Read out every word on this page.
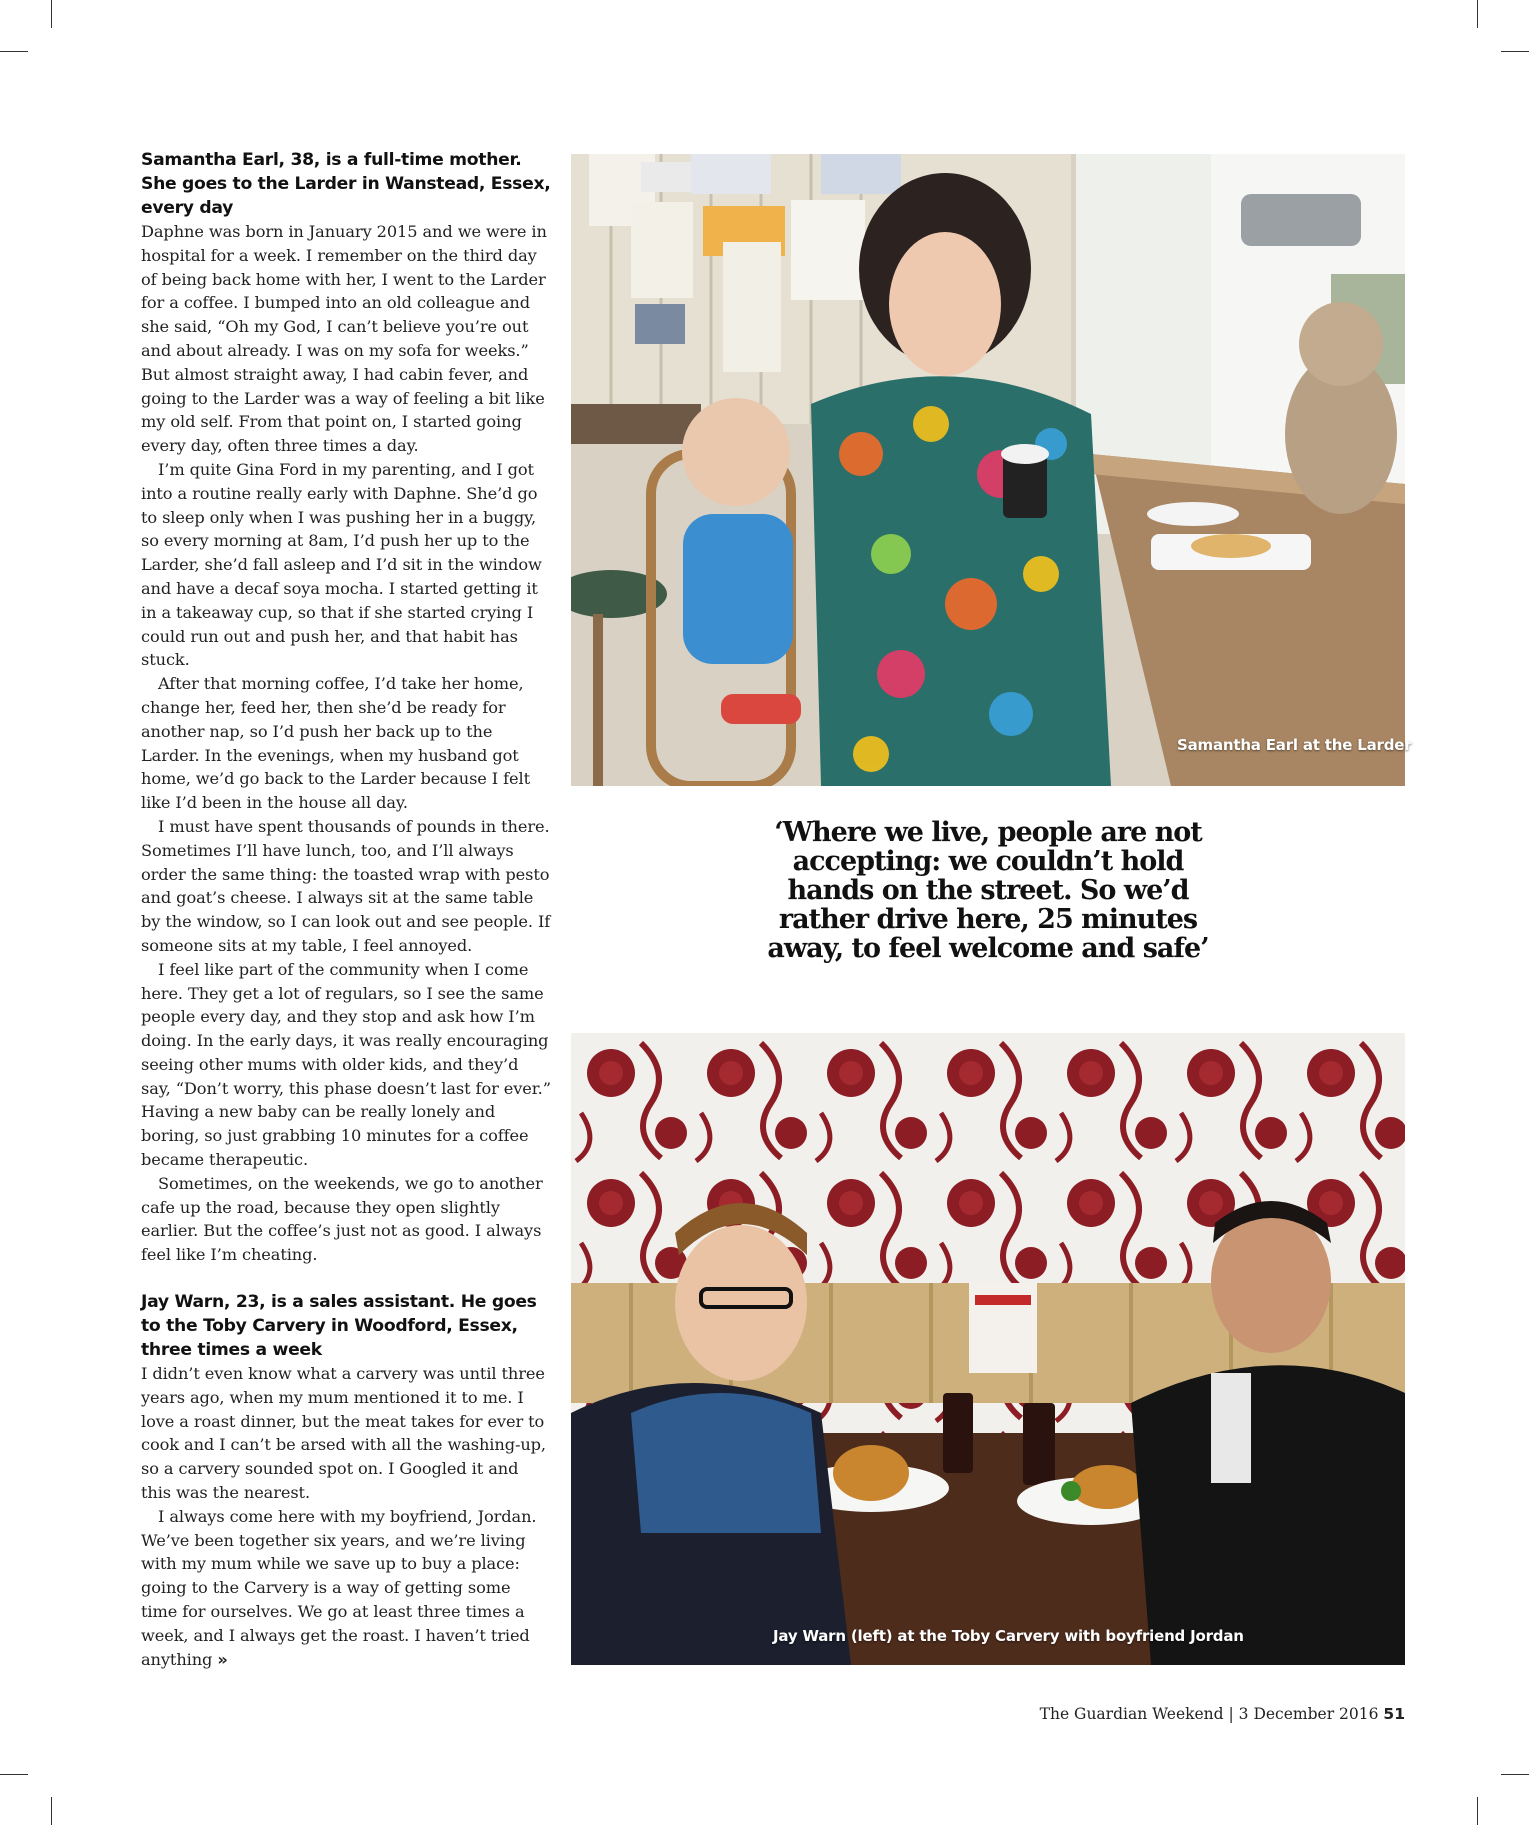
Samantha Earl, 38, is a full-time mother. She goes to the Larder in Wanstead, Essex, every day

Daphne was born in January 2015 and we were in hospital for a week. I remember on the third day of being back home with her, I went to the Larder for a coffee. I bumped into an old colleague and she said, “Oh my God, I can’t believe you’re out and about already. I was on my sofa for weeks.” But almost straight away, I had cabin fever, and going to the Larder was a way of feeling a bit like my old self. From that point on, I started going every day, often three times a day.

I’m quite Gina Ford in my parenting, and I got into a routine really early with Daphne. She’d go to sleep only when I was pushing her in a buggy, so every morning at 8am, I’d push her up to the Larder, she’d fall asleep and I’d sit in the window and have a decaf soya mocha. I started getting it in a takeaway cup, so that if she started crying I could run out and push her, and that habit has stuck.

After that morning coffee, I’d take her home, change her, feed her, then she’d be ready for another nap, so I’d push her back up to the Larder. In the evenings, when my husband got home, we’d go back to the Larder because I felt like I’d been in the house all day.

I must have spent thousands of pounds in there. Sometimes I’ll have lunch, too, and I’ll always order the same thing: the toasted wrap with pesto and goat’s cheese. I always sit at the same table by the window, so I can look out and see people. If someone sits at my table, I feel annoyed.

I feel like part of the community when I come here. They get a lot of regulars, so I see the same people every day, and they stop and ask how I’m doing. In the early days, it was really encouraging seeing other mums with older kids, and they’d say, “Don’t worry, this phase doesn’t last for ever.” Having a new baby can be really lonely and boring, so just grabbing 10 minutes for a coffee became therapeutic.

Sometimes, on the weekends, we go to another cafe up the road, because they open slightly earlier. But the coffee’s just not as good. I always feel like I’m cheating.

Jay Warn, 23, is a sales assistant. He goes to the Toby Carvery in Woodford, Essex, three times a week

I didn’t even know what a carvery was until three years ago, when my mum mentioned it to me. I love a roast dinner, but the meat takes for ever to cook and I can’t be arsed with all the washing-up, so a carvery sounded spot on. I Googled it and this was the nearest.

I always come here with my boyfriend, Jordan. We’ve been together six years, and we’re living with my mum while we save up to buy a place: going to the Carvery is a way of getting some time for ourselves. We go at least three times a week, and I always get the roast. I haven’t tried anything »

Samantha Earl at the Larder
‘Where we live, people are not accepting: we couldn’t hold hands on the street. So we’d rather drive here, 25 minutes away, to feel welcome and safe’
Jay Warn (left) at the Toby Carvery with boyfriend Jordan
The Guardian Weekend | 3 December 2016 51
